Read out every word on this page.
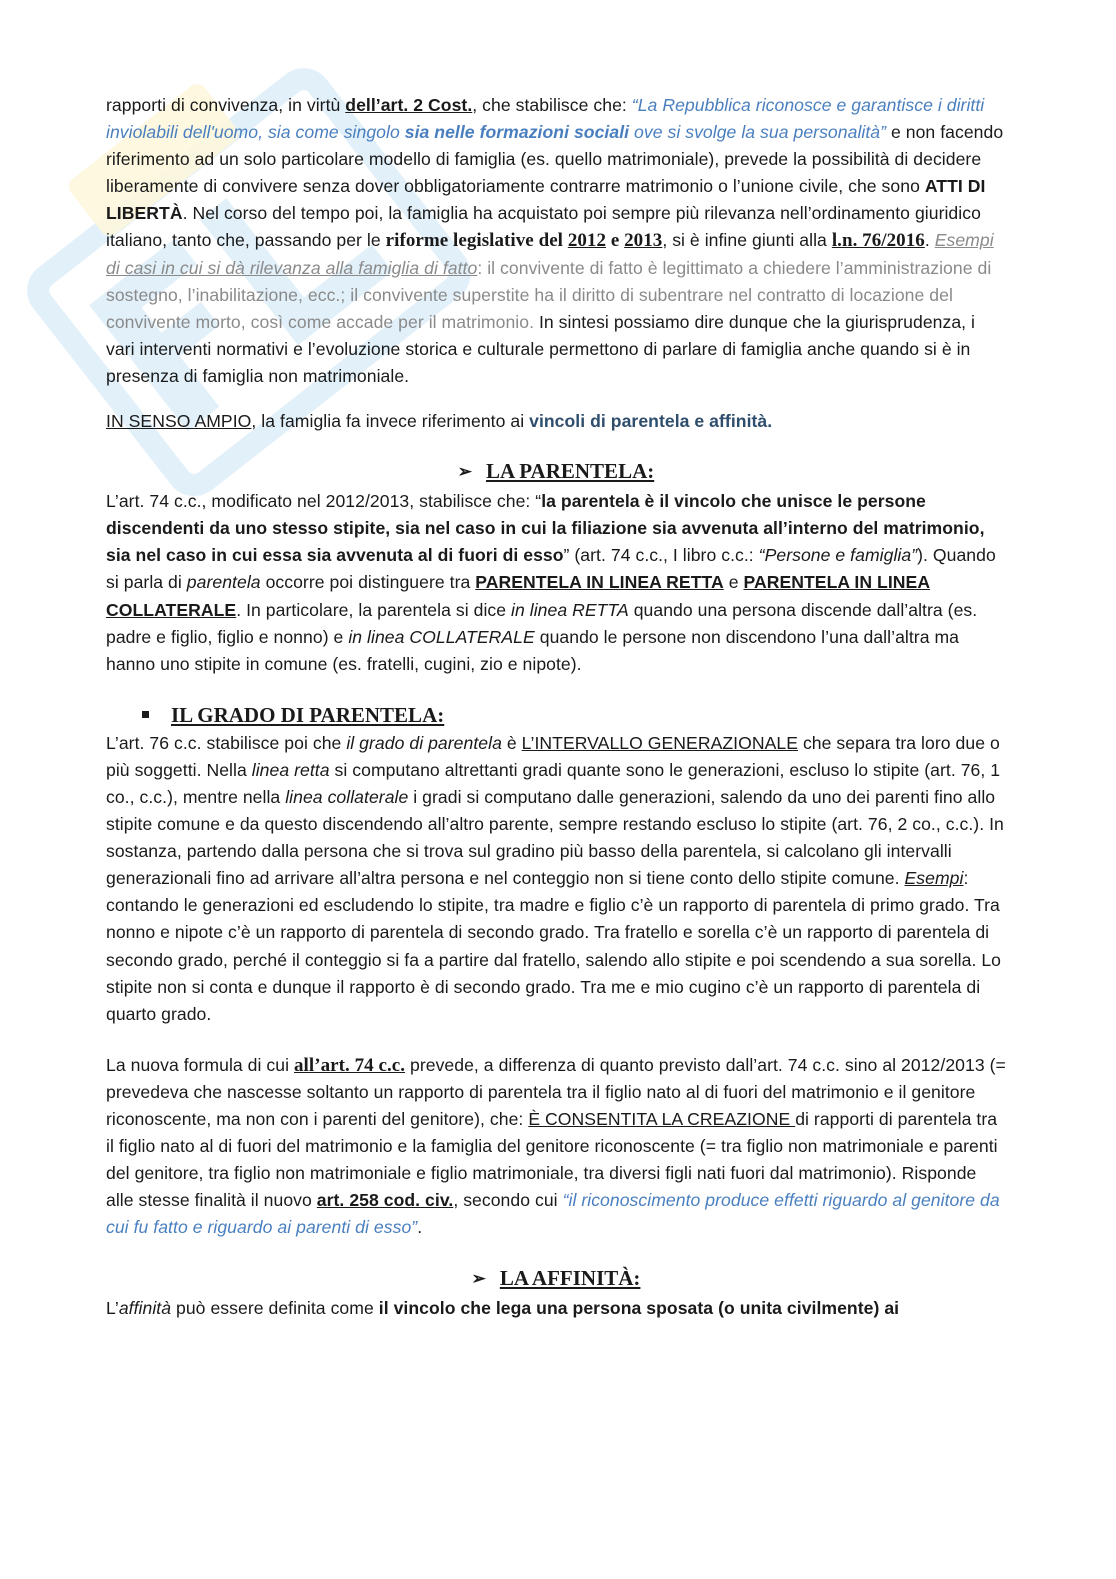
rapporti di convivenza, in virtù dell’art. 2 Cost., che stabilisce che: “La Repubblica riconosce e garantisce i diritti inviolabili dell'uomo, sia come singolo sia nelle formazioni sociali ove si svolge la sua personalità” e non facendo riferimento ad un solo particolare modello di famiglia (es. quello matrimoniale), prevede la possibilità di decidere liberamente di convivere senza dover obbligatoriamente contrarre matrimonio o l’unione civile, che sono ATTI DI LIBERTÀ. Nel corso del tempo poi, la famiglia ha acquistato poi sempre più rilevanza nell’ordinamento giuridico italiano, tanto che, passando per le riforme legislative del 2012 e 2013, si è infine giunti alla l.n. 76/2016. Esempi di casi in cui si dà rilevanza alla famiglia di fatto: il convivente di fatto è legittimato a chiedere l’amministrazione di sostegno, l’inabilitazione, ecc.; il convivente superstite ha il diritto di subentrare nel contratto di locazione del convivente morto, così come accade per il matrimonio. In sintesi possiamo dire dunque che la giurisprudenza, i vari interventi normativi e l’evoluzione storica e culturale permettono di parlare di famiglia anche quando si è in presenza di famiglia non matrimoniale.

IN SENSO AMPIO, la famiglia fa invece riferimento ai vincoli di parentela e affinità.

➢ LA PARENTELA:

L’art. 74 c.c., modificato nel 2012/2013, stabilisce che: “la parentela è il vincolo che unisce le persone discendenti da uno stesso stipite, sia nel caso in cui la filiazione sia avvenuta all’interno del matrimonio, sia nel caso in cui essa sia avvenuta al di fuori di esso” (art. 74 c.c., I libro c.c.: “Persone e famiglia”). Quando si parla di parentela occorre poi distinguere tra PARENTELA IN LINEA RETTA e PARENTELA IN LINEA COLLATERALE. In particolare, la parentela si dice in linea RETTA quando una persona discende dall’altra (es. padre e figlio, figlio e nonno) e in linea COLLATERALE quando le persone non discendono l’una dall’altra ma hanno uno stipite in comune (es. fratelli, cugini, zio e nipote).

IL GRADO DI PARENTELA:

L’art. 76 c.c. stabilisce poi che il grado di parentela è L’INTERVALLO GENERAZIONALE che separa tra loro due o più soggetti. Nella linea retta si computano altrettanti gradi quante sono le generazioni, escluso lo stipite (art. 76, 1 co., c.c.), mentre nella linea collaterale i gradi si computano dalle generazioni, salendo da uno dei parenti fino allo stipite comune e da questo discendendo all’altro parente, sempre restando escluso lo stipite (art. 76, 2 co., c.c.). In sostanza, partendo dalla persona che si trova sul gradino più basso della parentela, si calcolano gli intervalli generazionali fino ad arrivare all’altra persona e nel conteggio non si tiene conto dello stipite comune. Esempi: contando le generazioni ed escludendo lo stipite, tra madre e figlio c’è un rapporto di parentela di primo grado. Tra nonno e nipote c’è un rapporto di parentela di secondo grado. Tra fratello e sorella c’è un rapporto di parentela di secondo grado, perché il conteggio si fa a partire dal fratello, salendo allo stipite e poi scendendo a sua sorella. Lo stipite non si conta e dunque il rapporto è di secondo grado. Tra me e mio cugino c’è un rapporto di parentela di quarto grado.

La nuova formula di cui all’art. 74 c.c. prevede, a differenza di quanto previsto dall’art. 74 c.c. sino al 2012/2013 (= prevedeva che nascesse soltanto un rapporto di parentela tra il figlio nato al di fuori del matrimonio e il genitore riconoscente, ma non con i parenti del genitore), che: È CONSENTITA LA CREAZIONE di rapporti di parentela tra il figlio nato al di fuori del matrimonio e la famiglia del genitore riconoscente (= tra figlio non matrimoniale e parenti del genitore, tra figlio non matrimoniale e figlio matrimoniale, tra diversi figli nati fuori dal matrimonio). Risponde alle stesse finalità il nuovo art. 258 cod. civ., secondo cui “il riconoscimento produce effetti riguardo al genitore da cui fu fatto e riguardo ai parenti di esso”.

➢ LA AFFINITÀ:

L’affinità può essere definita come il vincolo che lega una persona sposata (o unita civilmente) ai
